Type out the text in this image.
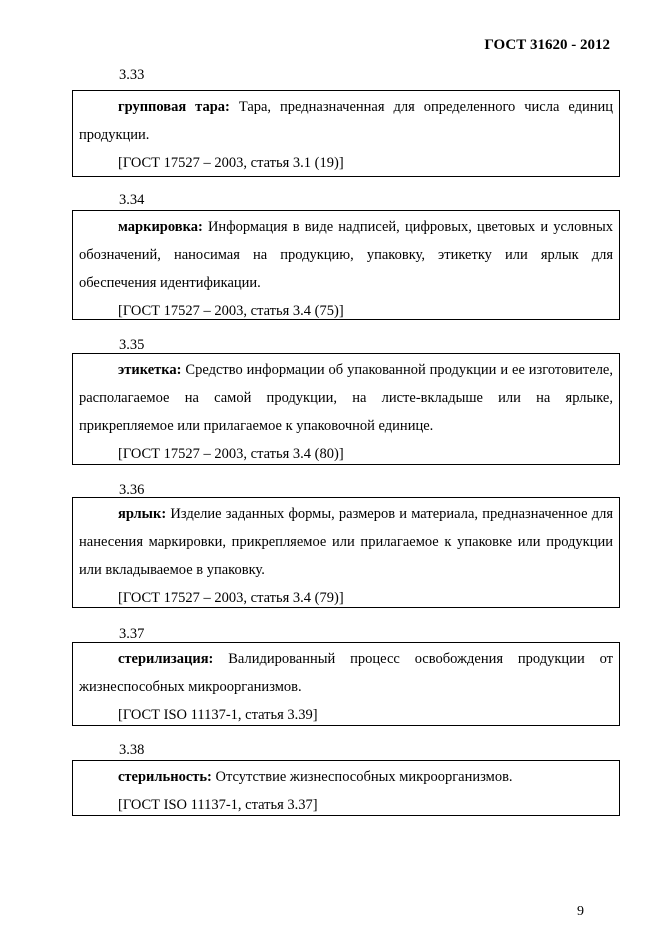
ГОСТ 31620 - 2012
3.33

групповая тара: Тара, предназначенная для определенного числа единиц продукции.

[ГОСТ 17527 – 2003, статья 3.1 (19)]

3.34

маркировка: Информация в виде надписей, цифровых, цветовых и условных обозначений, наносимая на продукцию, упаковку, этикетку или ярлык для обеспечения идентификации.

[ГОСТ 17527 – 2003, статья 3.4 (75)]

3.35

этикетка: Средство информации об упакованной продукции и ее изготовителе, располагаемое на самой продукции, на листе-вкладыше или на ярлыке, прикрепляемое или прилагаемое к упаковочной единице.

[ГОСТ 17527 – 2003, статья 3.4 (80)]

3.36

ярлык: Изделие заданных формы, размеров и материала, предназначенное для нанесения маркировки, прикрепляемое или прилагаемое к упаковке или продукции или вкладываемое в упаковку.

[ГОСТ 17527 – 2003, статья 3.4 (79)]

3.37

стерилизация: Валидированный процесс освобождения продукции от жизнеспособных микроорганизмов.

[ГОСТ ISO 11137-1, статья 3.39]

3.38

стерильность: Отсутствие жизнеспособных микроорганизмов.

[ГОСТ ISO 11137-1, статья 3.37]

9
